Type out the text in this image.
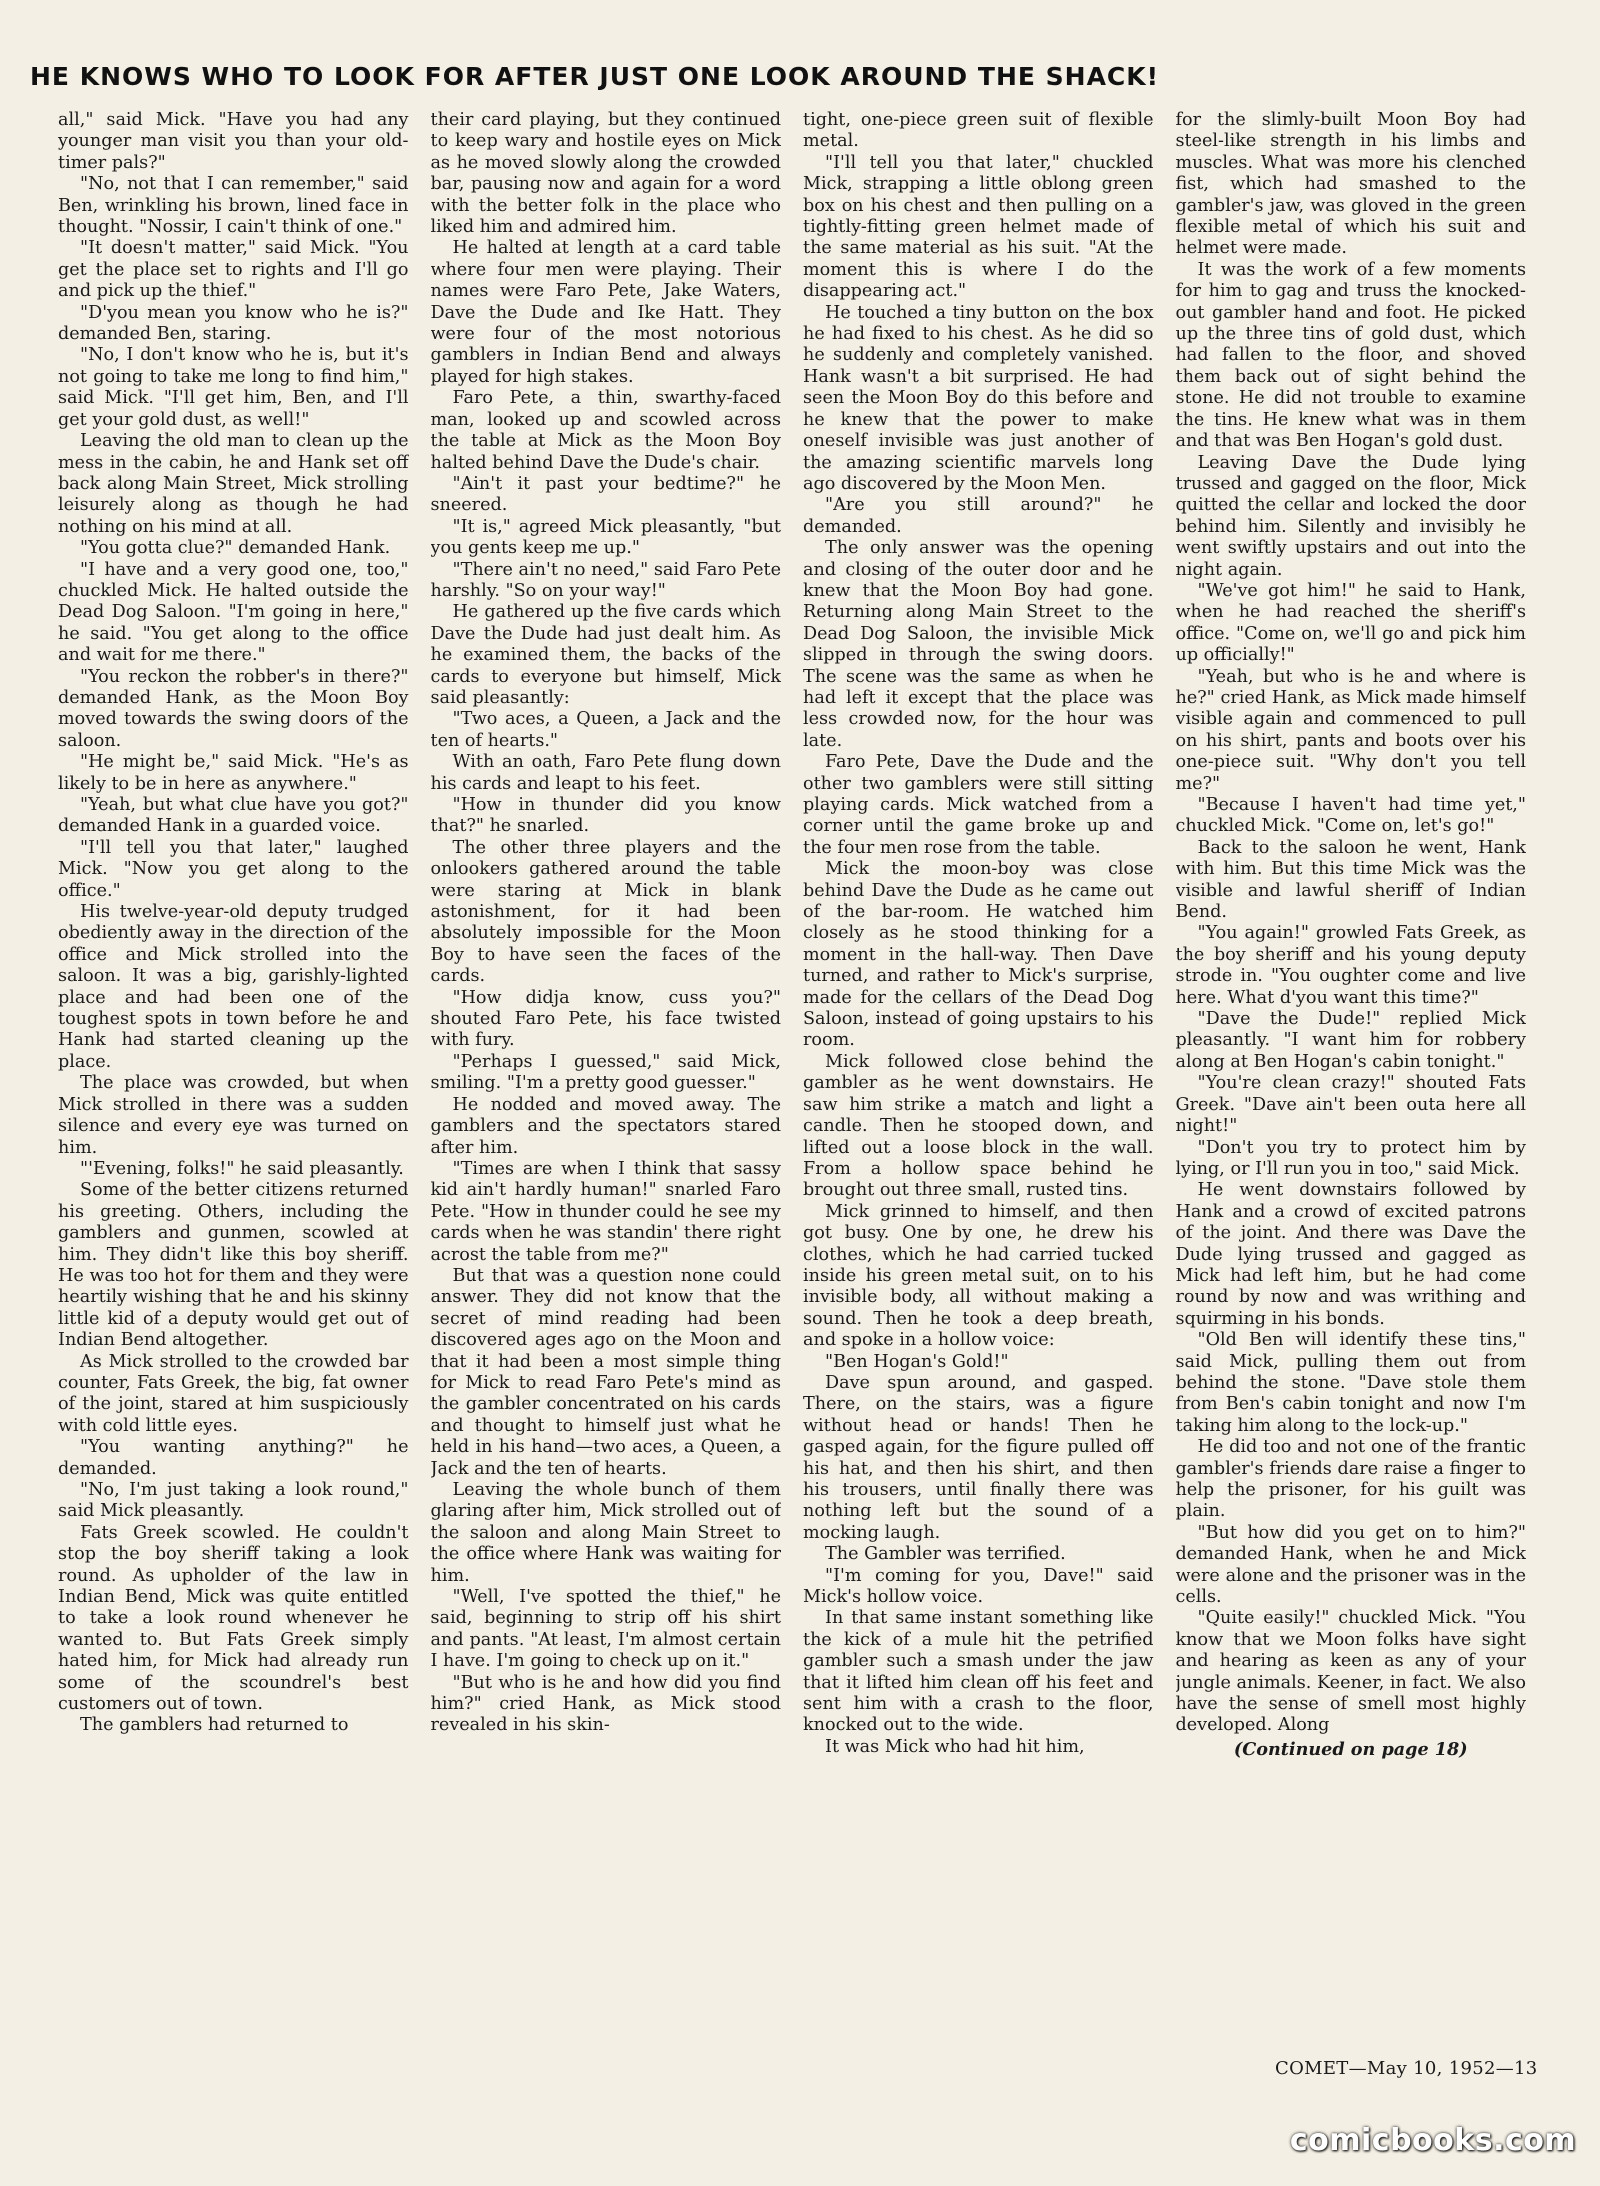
HE KNOWS WHO TO LOOK FOR AFTER JUST ONE LOOK AROUND THE SHACK!

all," said Mick. "Have you had any younger man visit you than your old-timer pals?"

"No, not that I can remember," said Ben, wrinkling his brown, lined face in thought. "Nossir, I cain't think of one."

"It doesn't matter," said Mick. "You get the place set to rights and I'll go and pick up the thief."

"D'you mean you know who he is?" demanded Ben, staring.

"No, I don't know who he is, but it's not going to take me long to find him," said Mick. "I'll get him, Ben, and I'll get your gold dust, as well!"

Leaving the old man to clean up the mess in the cabin, he and Hank set off back along Main Street, Mick strolling leisurely along as though he had nothing on his mind at all.

"You gotta clue?" demanded Hank.

"I have and a very good one, too," chuckled Mick. He halted outside the Dead Dog Saloon. "I'm going in here," he said. "You get along to the office and wait for me there."

"You reckon the robber's in there?" demanded Hank, as the Moon Boy moved towards the swing doors of the saloon.

"He might be," said Mick. "He's as likely to be in here as anywhere."

"Yeah, but what clue have you got?" demanded Hank in a guarded voice.

"I'll tell you that later," laughed Mick. "Now you get along to the office."

His twelve-year-old deputy trudged obediently away in the direction of the office and Mick strolled into the saloon. It was a big, garishly-lighted place and had been one of the toughest spots in town before he and Hank had started cleaning up the place.

The place was crowded, but when Mick strolled in there was a sudden silence and every eye was turned on him.

"'Evening, folks!" he said pleasantly.

Some of the better citizens returned his greeting. Others, including the gamblers and gunmen, scowled at him. They didn't like this boy sheriff. He was too hot for them and they were heartily wishing that he and his skinny little kid of a deputy would get out of Indian Bend altogether.

As Mick strolled to the crowded bar counter, Fats Greek, the big, fat owner of the joint, stared at him suspiciously with cold little eyes.

"You wanting anything?" he demanded.

"No, I'm just taking a look round," said Mick pleasantly.

Fats Greek scowled. He couldn't stop the boy sheriff taking a look round. As upholder of the law in Indian Bend, Mick was quite entitled to take a look round whenever he wanted to. But Fats Greek simply hated him, for Mick had already run some of the scoundrel's best customers out of town.

The gamblers had returned to

their card playing, but they continued to keep wary and hostile eyes on Mick as he moved slowly along the crowded bar, pausing now and again for a word with the better folk in the place who liked him and admired him.

He halted at length at a card table where four men were playing. Their names were Faro Pete, Jake Waters, Dave the Dude and Ike Hatt. They were four of the most notorious gamblers in Indian Bend and always played for high stakes.

Faro Pete, a thin, swarthy-faced man, looked up and scowled across the table at Mick as the Moon Boy halted behind Dave the Dude's chair.

"Ain't it past your bedtime?" he sneered.

"It is," agreed Mick pleasantly, "but you gents keep me up."

"There ain't no need," said Faro Pete harshly. "So on your way!"

He gathered up the five cards which Dave the Dude had just dealt him. As he examined them, the backs of the cards to everyone but himself, Mick said pleasantly:

"Two aces, a Queen, a Jack and the ten of hearts."

With an oath, Faro Pete flung down his cards and leapt to his feet.

"How in thunder did you know that?" he snarled.

The other three players and the onlookers gathered around the table were staring at Mick in blank astonishment, for it had been absolutely impossible for the Moon Boy to have seen the faces of the cards.

"How didja know, cuss you?" shouted Faro Pete, his face twisted with fury.

"Perhaps I guessed," said Mick, smiling. "I'm a pretty good guesser."

He nodded and moved away. The gamblers and the spectators stared after him.

"Times are when I think that sassy kid ain't hardly human!" snarled Faro Pete. "How in thunder could he see my cards when he was standin' there right acrost the table from me?"

But that was a question none could answer. They did not know that the secret of mind reading had been discovered ages ago on the Moon and that it had been a most simple thing for Mick to read Faro Pete's mind as the gambler concentrated on his cards and thought to himself just what he held in his hand—two aces, a Queen, a Jack and the ten of hearts.

Leaving the whole bunch of them glaring after him, Mick strolled out of the saloon and along Main Street to the office where Hank was waiting for him.

"Well, I've spotted the thief," he said, beginning to strip off his shirt and pants. "At least, I'm almost certain I have. I'm going to check up on it."

"But who is he and how did you find him?" cried Hank, as Mick stood revealed in his skin-

tight, one-piece green suit of flexible metal.

"I'll tell you that later," chuckled Mick, strapping a little oblong green box on his chest and then pulling on a tightly-fitting green helmet made of the same material as his suit. "At the moment this is where I do the disappearing act."

He touched a tiny button on the box he had fixed to his chest. As he did so he suddenly and completely vanished. Hank wasn't a bit surprised. He had seen the Moon Boy do this before and he knew that the power to make oneself invisible was just another of the amazing scientific marvels long ago discovered by the Moon Men.

"Are you still around?" he demanded.

The only answer was the opening and closing of the outer door and he knew that the Moon Boy had gone. Returning along Main Street to the Dead Dog Saloon, the invisible Mick slipped in through the swing doors. The scene was the same as when he had left it except that the place was less crowded now, for the hour was late.

Faro Pete, Dave the Dude and the other two gamblers were still sitting playing cards. Mick watched from a corner until the game broke up and the four men rose from the table.

Mick the moon-boy was close behind Dave the Dude as he came out of the bar-room. He watched him closely as he stood thinking for a moment in the hall-way. Then Dave turned, and rather to Mick's surprise, made for the cellars of the Dead Dog Saloon, instead of going upstairs to his room.

Mick followed close behind the gambler as he went downstairs. He saw him strike a match and light a candle. Then he stooped down, and lifted out a loose block in the wall. From a hollow space behind he brought out three small, rusted tins.

Mick grinned to himself, and then got busy. One by one, he drew his clothes, which he had carried tucked inside his green metal suit, on to his invisible body, all without making a sound. Then he took a deep breath, and spoke in a hollow voice:

"Ben Hogan's Gold!"

Dave spun around, and gasped. There, on the stairs, was a figure without head or hands! Then he gasped again, for the figure pulled off his hat, and then his shirt, and then his trousers, until finally there was nothing left but the sound of a mocking laugh.

The Gambler was terrified.

"I'm coming for you, Dave!" said Mick's hollow voice.

In that same instant something like the kick of a mule hit the petrified gambler such a smash under the jaw that it lifted him clean off his feet and sent him with a crash to the floor, knocked out to the wide.

It was Mick who had hit him,

for the slimly-built Moon Boy had steel-like strength in his limbs and muscles. What was more his clenched fist, which had smashed to the gambler's jaw, was gloved in the green flexible metal of which his suit and helmet were made.

It was the work of a few moments for him to gag and truss the knocked-out gambler hand and foot. He picked up the three tins of gold dust, which had fallen to the floor, and shoved them back out of sight behind the stone. He did not trouble to examine the tins. He knew what was in them and that was Ben Hogan's gold dust.

Leaving Dave the Dude lying trussed and gagged on the floor, Mick quitted the cellar and locked the door behind him. Silently and invisibly he went swiftly upstairs and out into the night again.

"We've got him!" he said to Hank, when he had reached the sheriff's office. "Come on, we'll go and pick him up officially!"

"Yeah, but who is he and where is he?" cried Hank, as Mick made himself visible again and commenced to pull on his shirt, pants and boots over his one-piece suit. "Why don't you tell me?"

"Because I haven't had time yet," chuckled Mick. "Come on, let's go!"

Back to the saloon he went, Hank with him. But this time Mick was the visible and lawful sheriff of Indian Bend.

"You again!" growled Fats Greek, as the boy sheriff and his young deputy strode in. "You oughter come and live here. What d'you want this time?"

"Dave the Dude!" replied Mick pleasantly. "I want him for robbery along at Ben Hogan's cabin tonight."

"You're clean crazy!" shouted Fats Greek. "Dave ain't been outa here all night!"

"Don't you try to protect him by lying, or I'll run you in too," said Mick.

He went downstairs followed by Hank and a crowd of excited patrons of the joint. And there was Dave the Dude lying trussed and gagged as Mick had left him, but he had come round by now and was writhing and squirming in his bonds.

"Old Ben will identify these tins," said Mick, pulling them out from behind the stone. "Dave stole them from Ben's cabin tonight and now I'm taking him along to the lock-up."

He did too and not one of the frantic gambler's friends dare raise a finger to help the prisoner, for his guilt was plain.

"But how did you get on to him?" demanded Hank, when he and Mick were alone and the prisoner was in the cells.

"Quite easily!" chuckled Mick. "You know that we Moon folks have sight and hearing as keen as any of your jungle animals. Keener, in fact. We also have the sense of smell most highly developed. Along

(Continued on page 18)
COMET—May 10, 1952—13
comicbooks.com
